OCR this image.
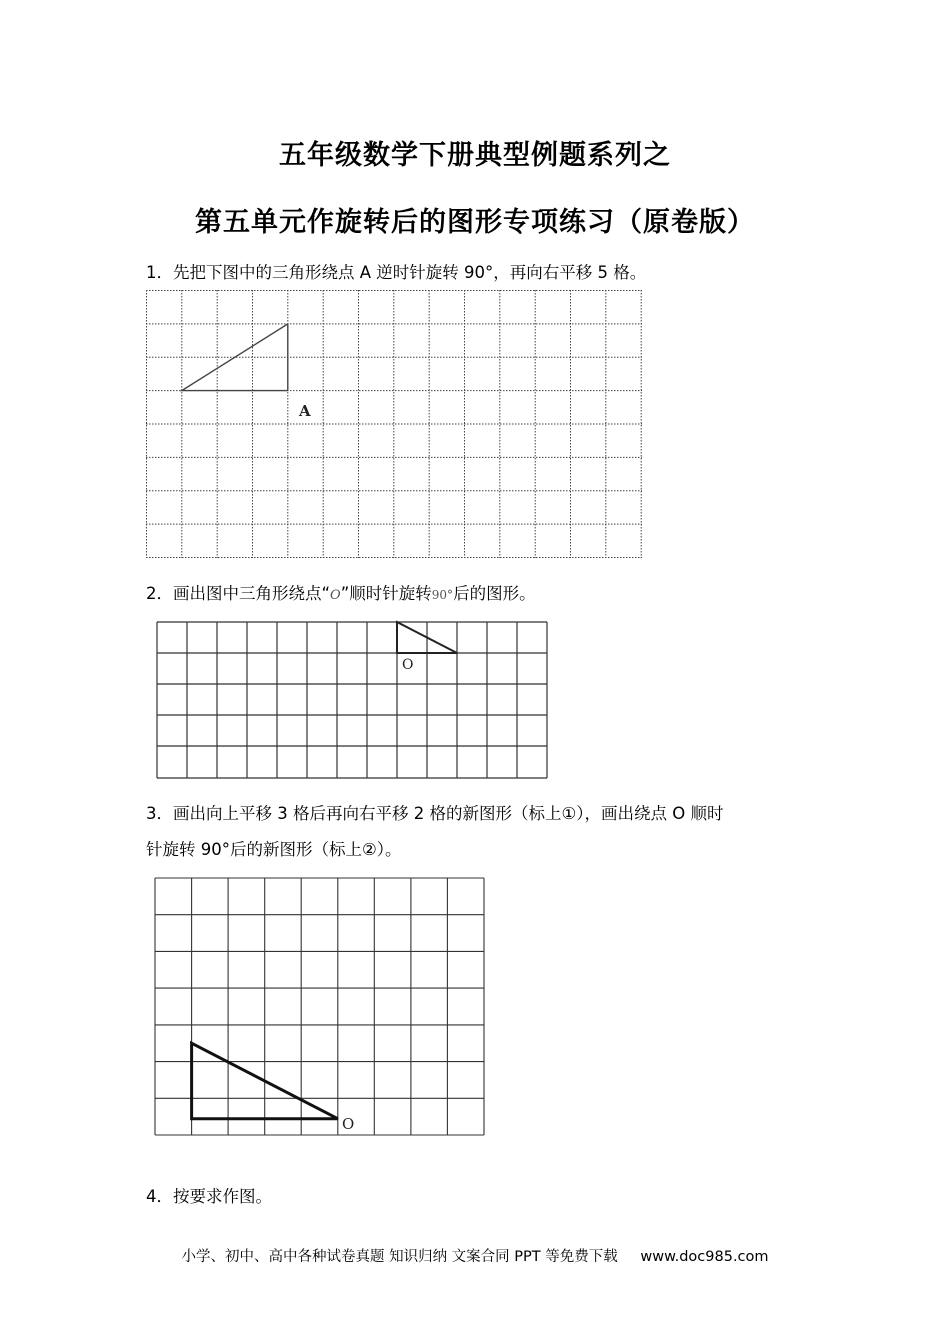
五年级数学下册典型例题系列之
第五单元作旋转后的图形专项练习（原卷版）
1．先把下图中的三角形绕点 A 逆时针旋转 90°，再向右平移 5 格。
A
2．画出图中三角形绕点“O”顺时针旋转90°后的图形。
O
3．画出向上平移 3 格后再向右平移 2 格的新图形（标上①），画出绕点 O 顺时
针旋转 90°后的新图形（标上②）。
O
4．按要求作图。
小学、初中、高中各种试卷真题 知识归纳 文案合同 PPT 等免费下载 www.doc985.com
